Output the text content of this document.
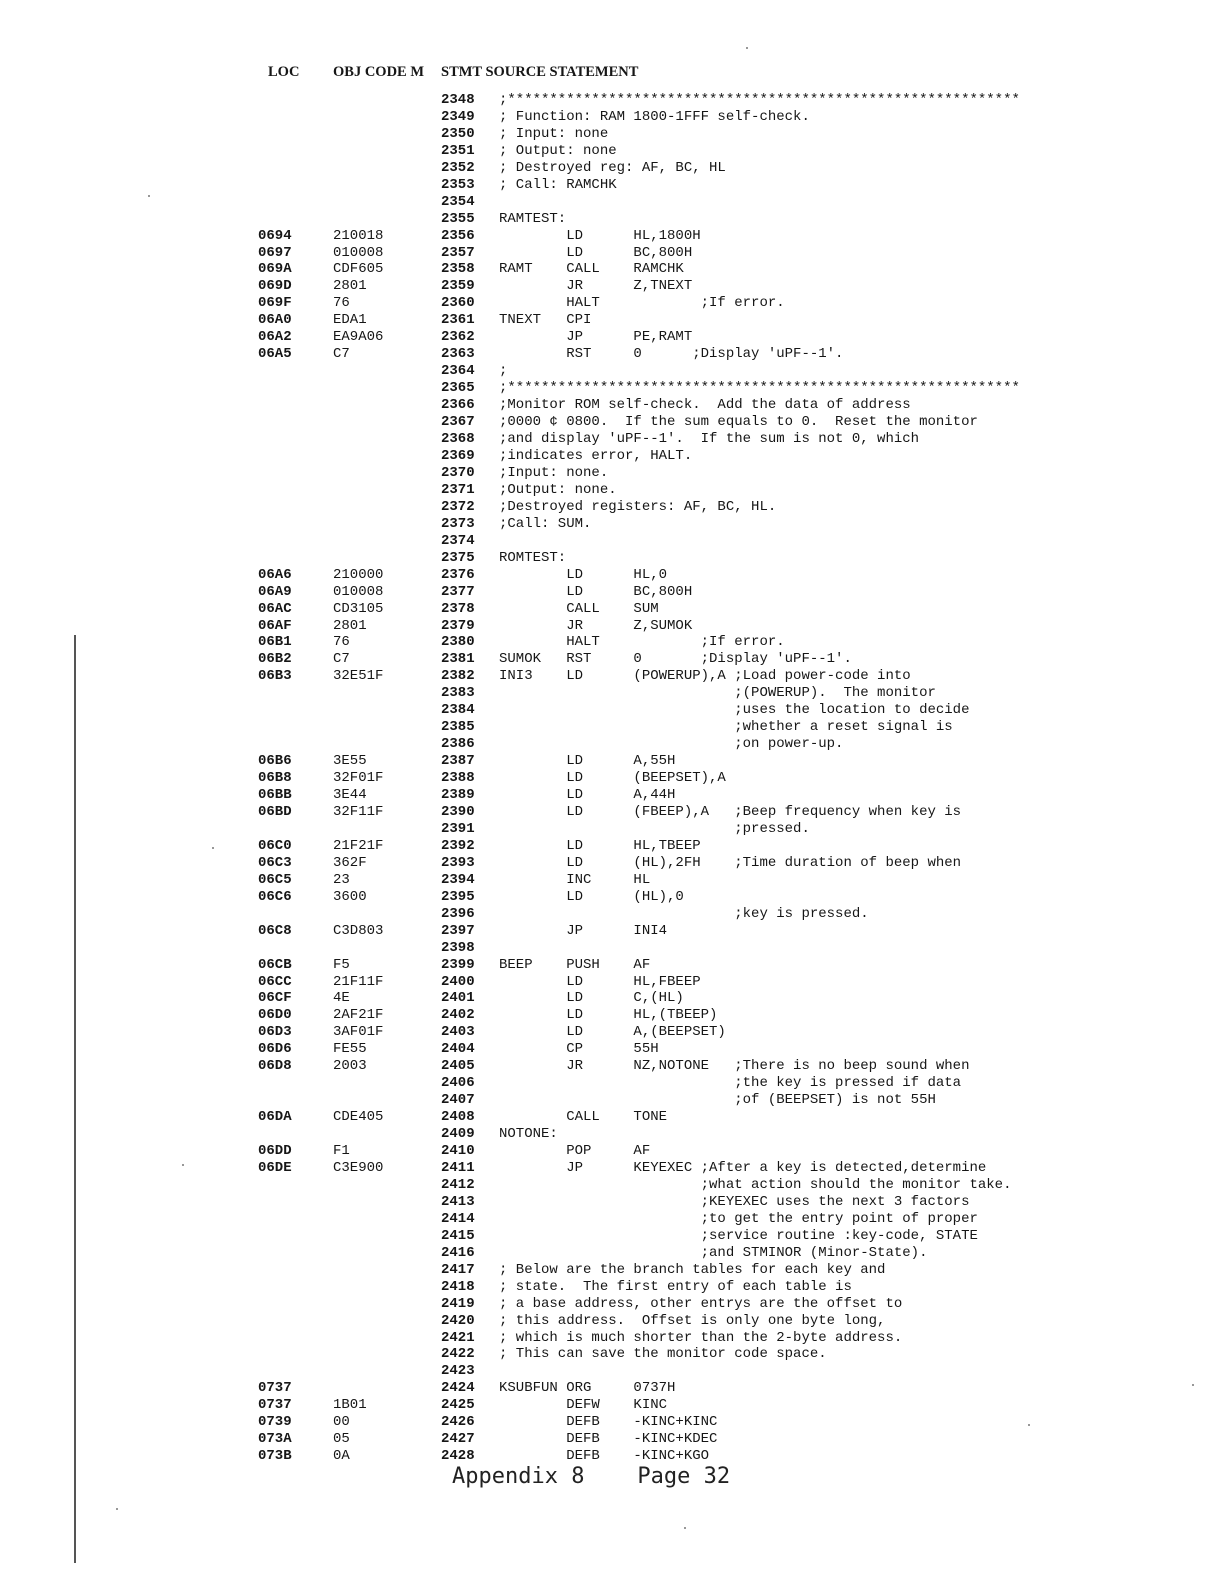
LOC

OBJ CODE M

STMT SOURCE STATEMENT

2348 ;*************************************************************
2349 ; Function: RAM 1800-1FFF self-check.
2350 ; Input: none
2351 ; Output: none
2352 ; Destroyed reg: AF, BC, HL
2353 ; Call: RAMCHK
2354
2355 RAMTEST:
0694	210018	2356 LD      HL,1800H
0697	010008	2357 LD      BC,800H
069A	CDF605	2358 RAMT    CALL    RAMCHK
069D	2801	2359 JR      Z,TNEXT
069F	76	2360 HALT            ;If error.
06A0	EDA1	2361 TNEXT   CPI
06A2	EA9A06	2362 JP      PE,RAMT
06A5	C7	2363 RST     0      ;Display 'uPF--1'.
2364 ;
2365 ;*************************************************************
2366 ;Monitor ROM self-check.  Add the data of address
2367 ;0000 ¢ 0800.  If the sum equals to 0.  Reset the monitor
2368 ;and display 'uPF--1'.  If the sum is not 0, which
2369 ;indicates error, HALT.
2370 ;Input: none.
2371 ;Output: none.
2372 ;Destroyed registers: AF, BC, HL.
2373 ;Call: SUM.
2374
2375 ROMTEST:
06A6	210000	2376 LD      HL,0
06A9	010008	2377 LD      BC,800H
06AC	CD3105	2378 CALL    SUM
06AF	2801	2379 JR      Z,SUMOK
06B1	76	2380 HALT            ;If error.
06B2	C7	2381 SUMOK   RST     0       ;Display 'uPF--1'.
06B3	32E51F	2382 INI3    LD      (POWERUP),A ;Load power-code into
2383 ;(POWERUP).  The monitor
2384 ;uses the location to decide
2385 ;whether a reset signal is
2386 ;on power-up.
06B6	3E55	2387 LD      A,55H
06B8	32F01F	2388 LD      (BEEPSET),A
06BB	3E44	2389 LD      A,44H
06BD	32F11F	2390 LD      (FBEEP),A   ;Beep frequency when key is
2391 ;pressed.
06C0	21F21F	2392 LD      HL,TBEEP
06C3	362F	2393 LD      (HL),2FH    ;Time duration of beep when
06C5	23	2394 INC     HL
06C6	3600	2395 LD      (HL),0
2396 ;key is pressed.
06C8	C3D803	2397 JP      INI4
2398
06CB	F5	2399 BEEP    PUSH    AF
06CC	21F11F	2400 LD      HL,FBEEP
06CF	4E	2401 LD      C,(HL)
06D0	2AF21F	2402 LD      HL,(TBEEP)
06D3	3AF01F	2403 LD      A,(BEEPSET)
06D6	FE55	2404 CP      55H
06D8	2003	2405 JR      NZ,NOTONE   ;There is no beep sound when
2406 ;the key is pressed if data
2407 ;of (BEEPSET) is not 55H
06DA	CDE405	2408 CALL    TONE
2409 NOTONE:
06DD	F1	2410 POP     AF
06DE	C3E900	2411 JP      KEYEXEC ;After a key is detected,determine
2412 ;what action should the monitor take.
2413 ;KEYEXEC uses the next 3 factors
2414 ;to get the entry point of proper
2415 ;service routine :key-code, STATE
2416 ;and STMINOR (Minor-State).
2417 ; Below are the branch tables for each key and
2418 ; state.  The first entry of each table is
2419 ; a base address, other entrys are the offset to
2420 ; this address.  Offset is only one byte long,
2421 ; which is much shorter than the 2-byte address.
2422 ; This can save the monitor code space.
2423
0737	2424 KSUBFUN ORG     0737H
0737	1B01	2425 DEFW    KINC
0739	00	2426 DEFB    -KINC+KINC
073A	05	2427 DEFB    -KINC+KDEC
073B	0A	2428 DEFB    -KINC+KGO
Appendix 8    Page 32
